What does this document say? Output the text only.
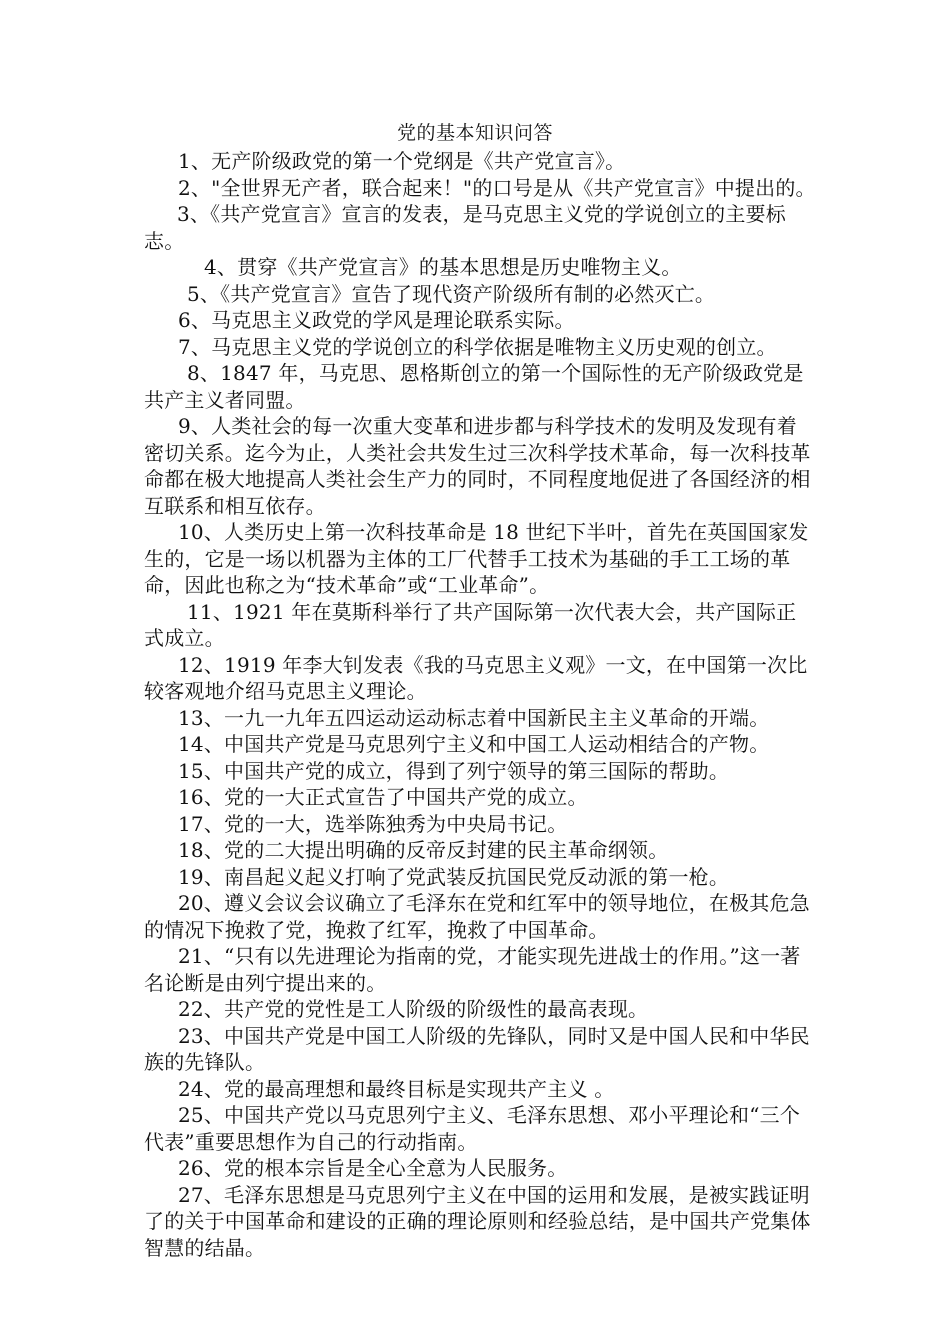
党的基本知识问答

1、无产阶级政党的第一个党纲是《共产党宣言》。

2、"全世界无产者，联合起来！"的口号是从《共产党宣言》中提出的。

3、《共产党宣言》宣言的发表，是马克思主义党的学说创立的主要标志。

4、贯穿《共产党宣言》的基本思想是历史唯物主义。

5、《共产党宣言》宣告了现代资产阶级所有制的必然灭亡。

6、马克思主义政党的学风是理论联系实际。

7、马克思主义党的学说创立的科学依据是唯物主义历史观的创立。

8、1847 年，马克思、恩格斯创立的第一个国际性的无产阶级政党是共产主义者同盟。

9、人类社会的每一次重大变革和进步都与科学技术的发明及发现有着密切关系。迄今为止，人类社会共发生过三次科学技术革命，每一次科技革命都在极大地提高人类社会生产力的同时，不同程度地促进了各国经济的相互联系和相互依存。

10、人类历史上第一次科技革命是 18 世纪下半叶，首先在英国国家发生的，它是一场以机器为主体的工厂代替手工技术为基础的手工工场的革命，因此也称之为“技术革命”或“工业革命”。

11、1921 年在莫斯科举行了共产国际第一次代表大会，共产国际正式成立。

12、1919 年李大钊发表《我的马克思主义观》一文，在中国第一次比较客观地介绍马克思主义理论。

13、一九一九年五四运动运动标志着中国新民主主义革命的开端。

14、中国共产党是马克思列宁主义和中国工人运动相结合的产物。

15、中国共产党的成立，得到了列宁领导的第三国际的帮助。

16、党的一大正式宣告了中国共产党的成立。

17、党的一大，选举陈独秀为中央局书记。

18、党的二大提出明确的反帝反封建的民主革命纲领。

19、南昌起义起义打响了党武装反抗国民党反动派的第一枪。

20、遵义会议会议确立了毛泽东在党和红军中的领导地位，在极其危急的情况下挽救了党，挽救了红军，挽救了中国革命。

21、“只有以先进理论为指南的党，才能实现先进战士的作用。”这一著名论断是由列宁提出来的。

22、共产党的党性是工人阶级的阶级性的最高表现。

23、中国共产党是中国工人阶级的先锋队，同时又是中国人民和中华民族的先锋队。

24、党的最高理想和最终目标是实现共产主义 。

25、中国共产党以马克思列宁主义、毛泽东思想、邓小平理论和“三个代表”重要思想作为自己的行动指南。

26、党的根本宗旨是全心全意为人民服务。

27、毛泽东思想是马克思列宁主义在中国的运用和发展，是被实践证明了的关于中国革命和建设的正确的理论原则和经验总结，是中国共产党集体智慧的结晶。
